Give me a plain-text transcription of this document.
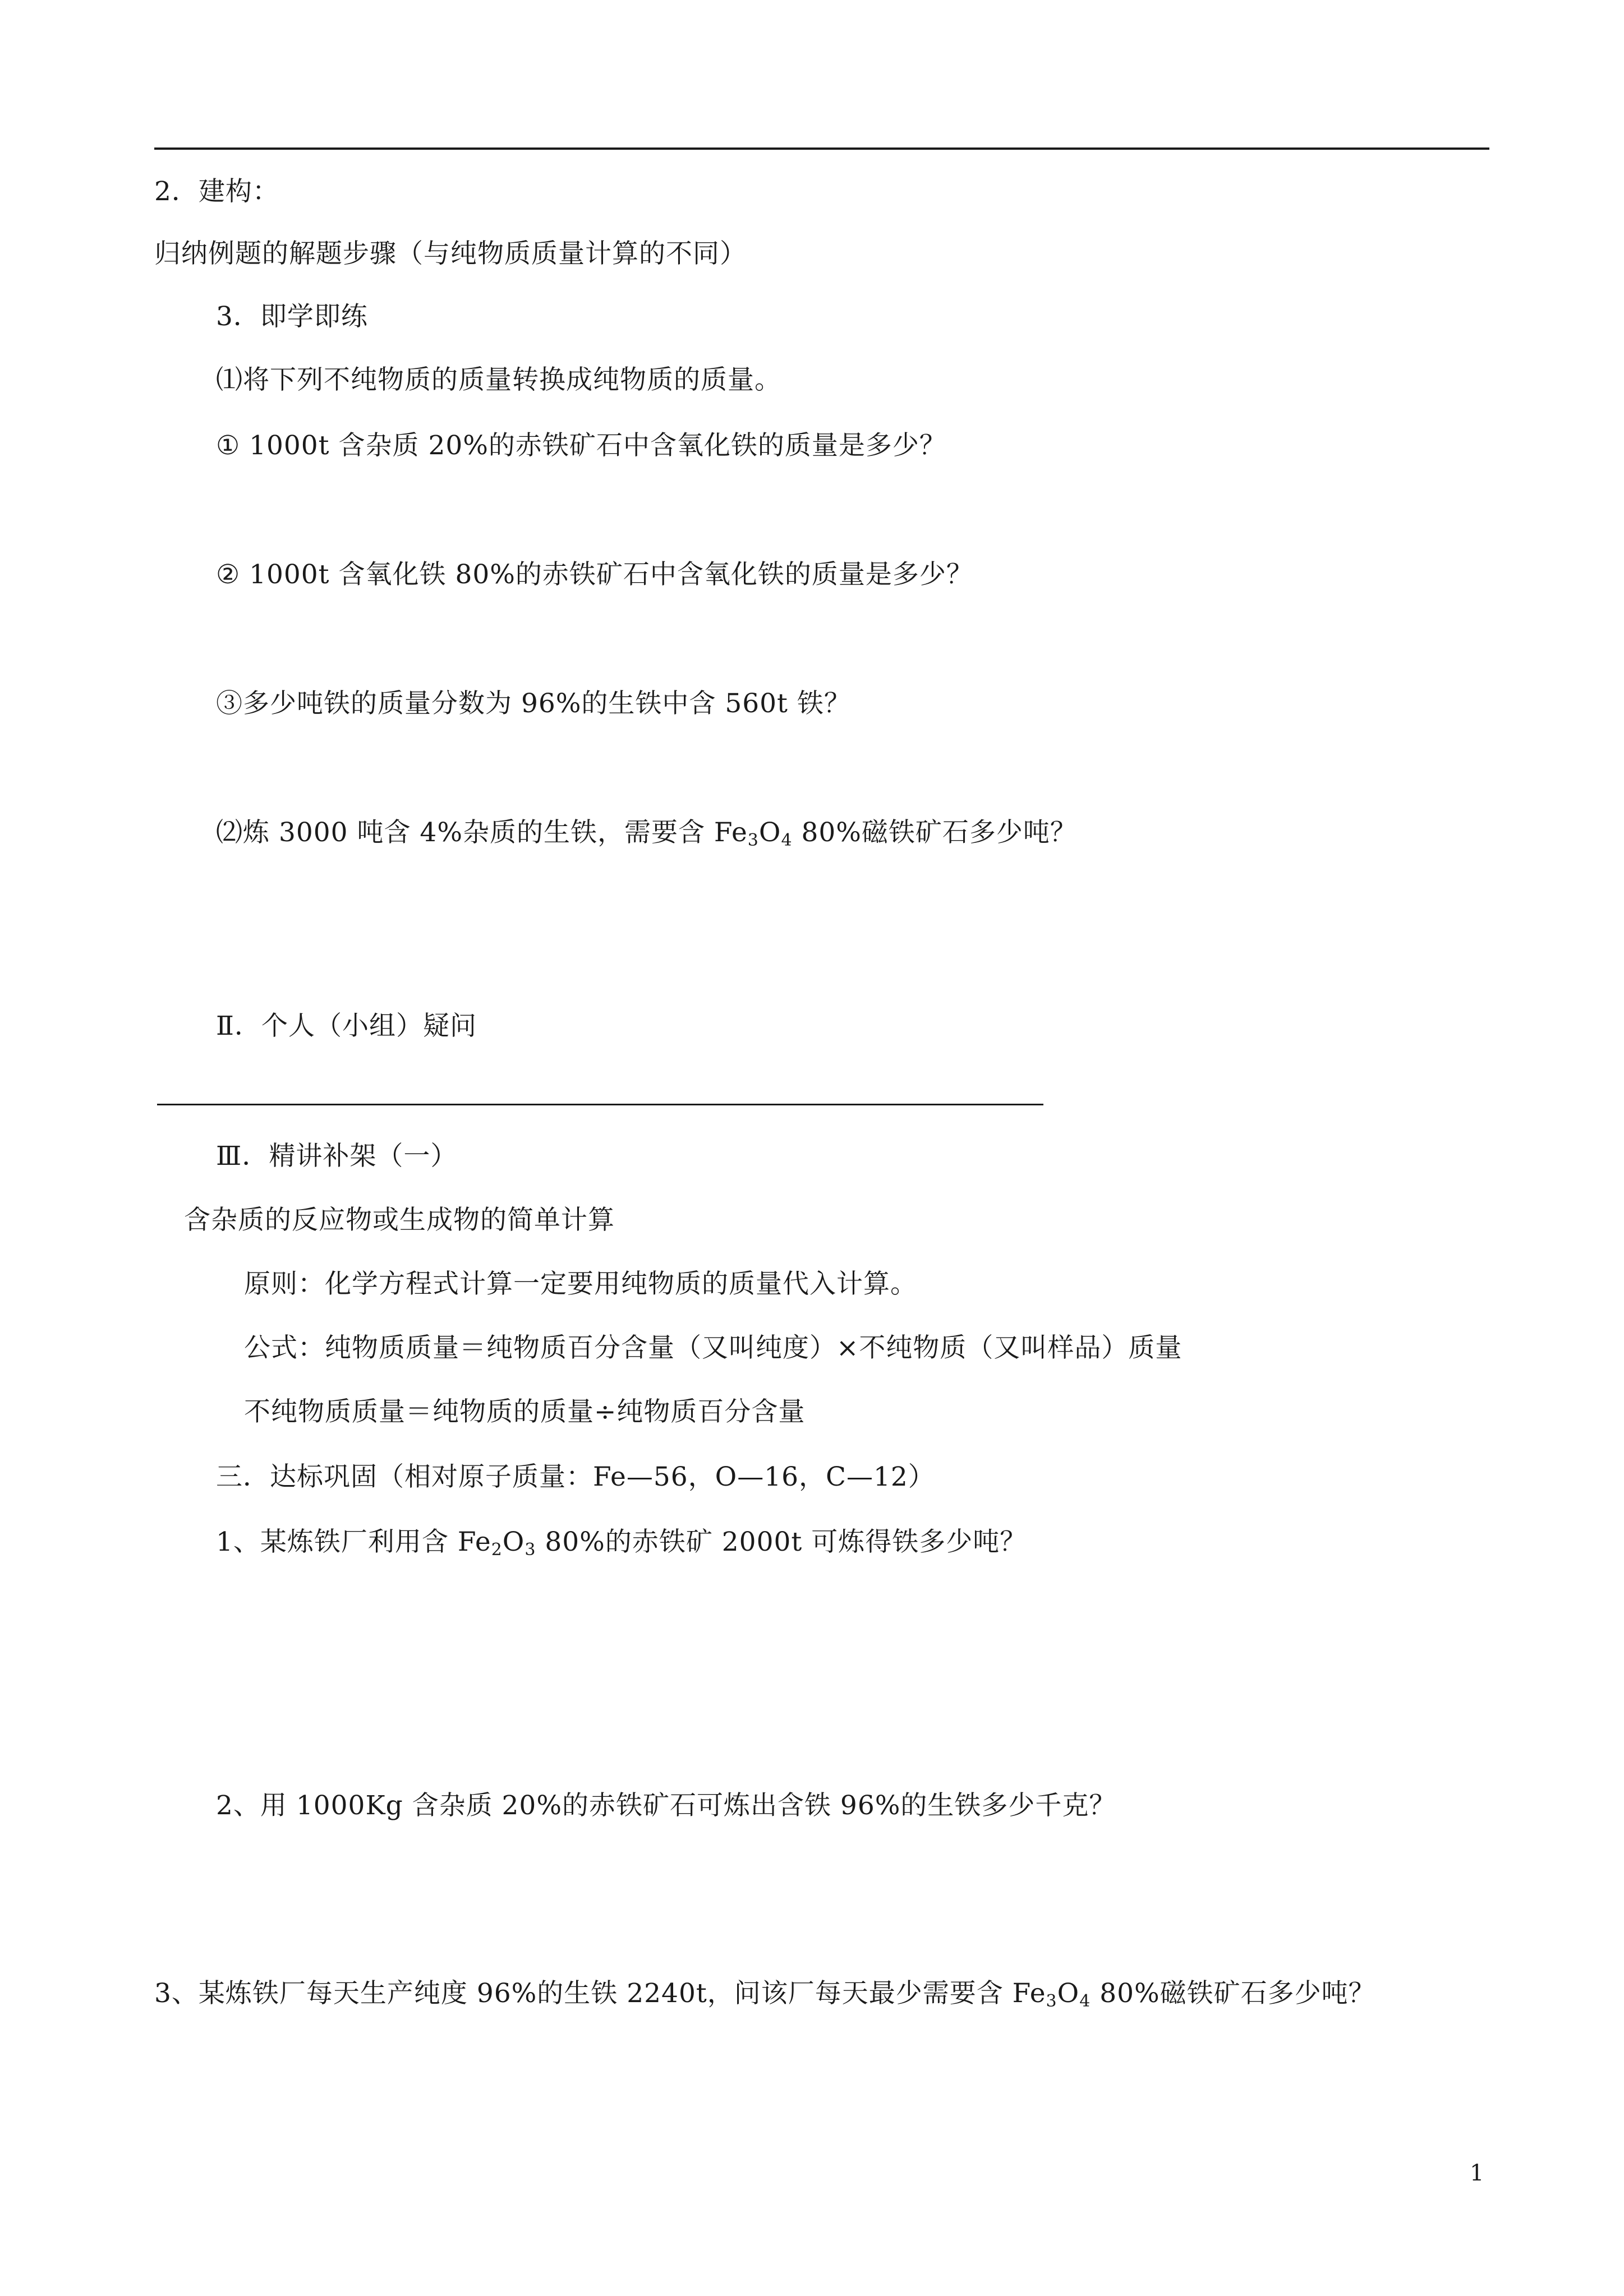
2．建构：
归纳例题的解题步骤（与纯物质质量计算的不同）
3．即学即练
⑴将下列不纯物质的质量转换成纯物质的质量。
① 1000t 含杂质 20%的赤铁矿石中含氧化铁的质量是多少？
② 1000t 含氧化铁 80%的赤铁矿石中含氧化铁的质量是多少？
③多少吨铁的质量分数为 96%的生铁中含 560t 铁？
⑵炼 3000 吨含 4%杂质的生铁，需要含 $Fe_3O_4$ 80%磁铁矿石多少吨？
Ⅱ．个人（小组）疑问
Ⅲ．精讲补架（一）
含杂质的反应物或生成物的简单计算
原则：化学方程式计算一定要用纯物质的质量代入计算。
公式：纯物质质量＝纯物质百分含量（又叫纯度）×不纯物质（又叫样品）质量
不纯物质质量＝纯物质的质量÷纯物质百分含量
三．达标巩固（相对原子质量：Fe—56，O—16，C—12）
1、某炼铁厂利用含 $Fe_2O_3$ 80%的赤铁矿 2000t 可炼得铁多少吨？
2、用 1000Kg 含杂质 20%的赤铁矿石可炼出含铁 96%的生铁多少千克？
3、某炼铁厂每天生产纯度 96%的生铁 2240t，问该厂每天最少需要含 $Fe_3O_4$ 80%磁铁矿石多少吨？
1
